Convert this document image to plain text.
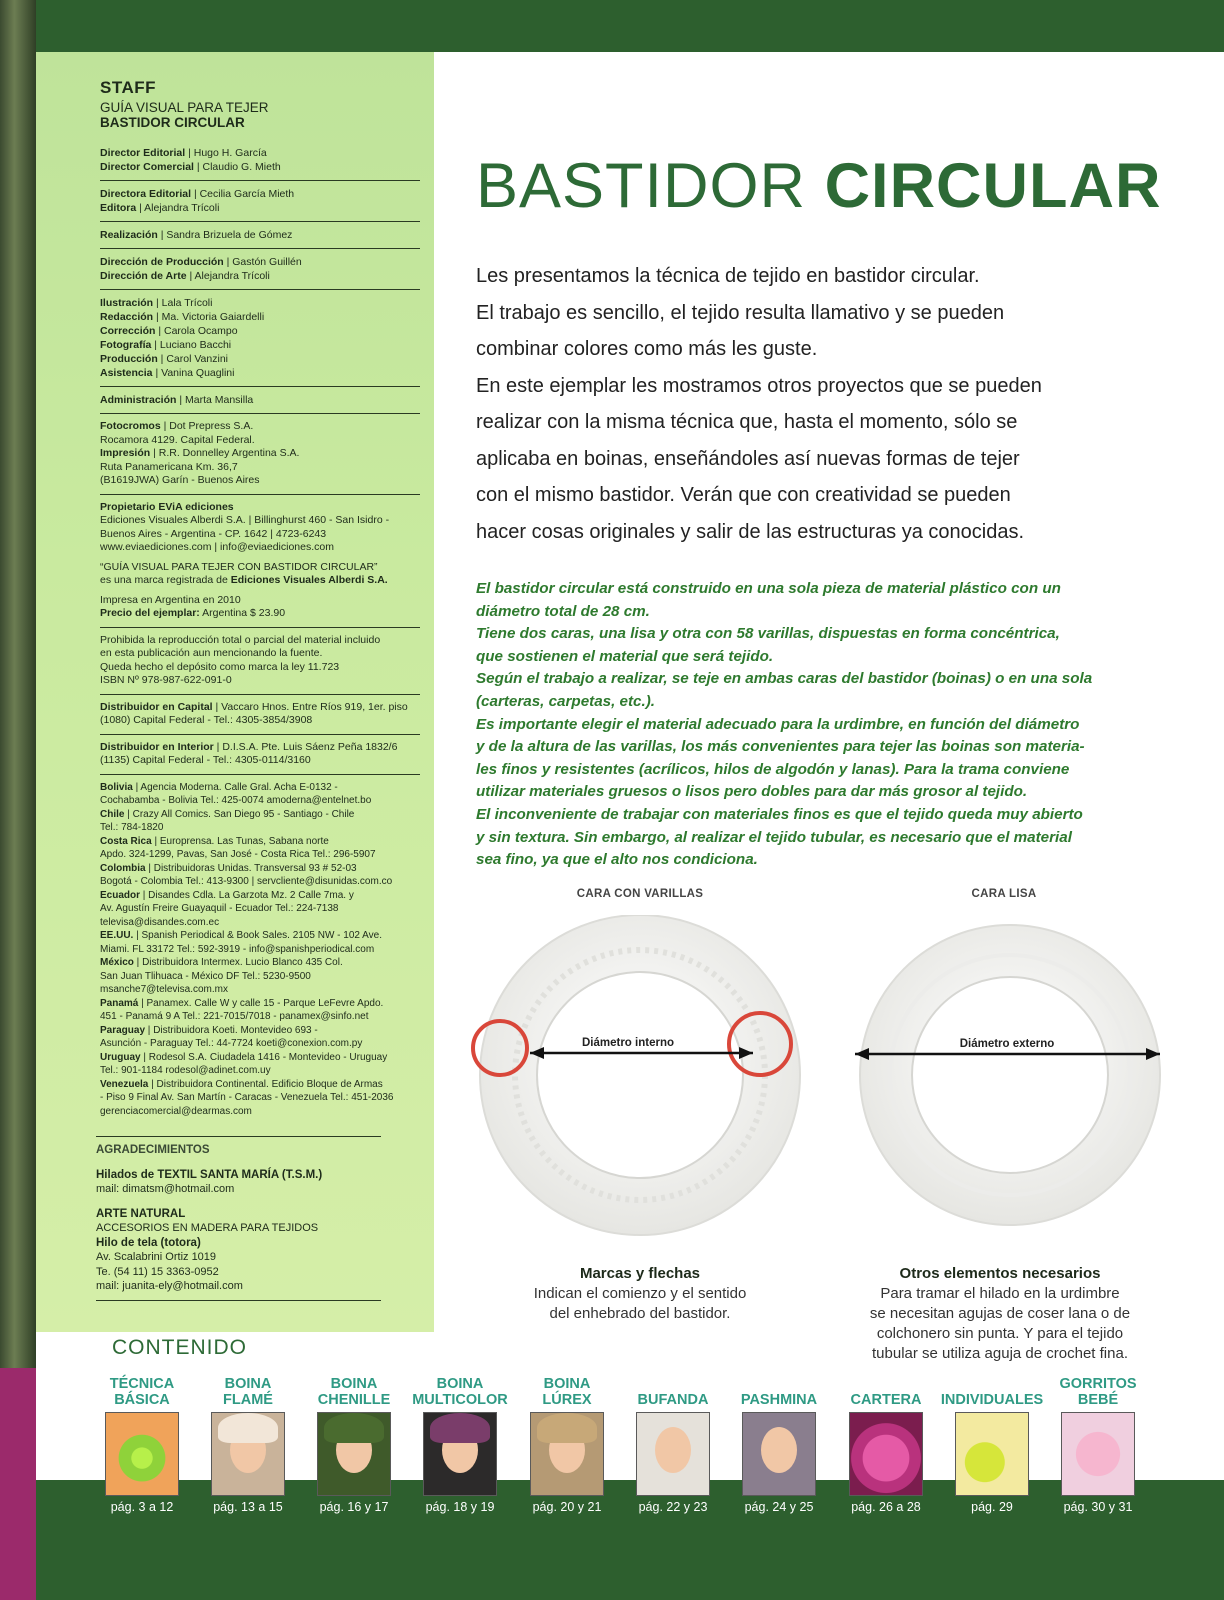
STAFF
GUÍA VISUAL PARA TEJER
BASTIDOR CIRCULAR
Director Editorial | Hugo H. García
Director Comercial | Claudio G. Mieth
Directora Editorial | Cecilia García Mieth
Editora | Alejandra Trícoli
Realización | Sandra Brizuela de Gómez
Dirección de Producción | Gastón Guillén
Dirección de Arte | Alejandra Trícoli
Ilustración | Lala Trícoli
Redacción | Ma. Victoria Gaiardelli
Corrección | Carola Ocampo
Fotografía | Luciano Bacchi
Producción | Carol Vanzini
Asistencia | Vanina Quaglini
Administración | Marta Mansilla
Fotocromos | Dot Prepress S.A.
Rocamora 4129. Capital Federal.
Impresión | R.R. Donnelley Argentina S.A.
Ruta Panamericana Km. 36,7
(B1619JWA) Garín - Buenos Aires
Propietario EViA ediciones
Ediciones Visuales Alberdi S.A. | Billinghurst 460 - San Isidro -
Buenos Aires - Argentina - CP. 1642 | 4723-6243
www.eviaediciones.com | info@eviaediciones.com
“GUÍA VISUAL PARA TEJER CON BASTIDOR CIRCULAR”
es una marca registrada de Ediciones Visuales Alberdi S.A.
Impresa en Argentina en 2010
Precio del ejemplar: Argentina $ 23.90
Prohibida la reproducción total o parcial del material incluido
en esta publicación aun mencionando la fuente.
Queda hecho el depósito como marca la ley 11.723
ISBN Nº 978-987-622-091-0
Distribuidor en Capital | Vaccaro Hnos. Entre Ríos 919, 1er. piso
(1080) Capital Federal - Tel.: 4305-3854/3908
Distribuidor en Interior | D.I.S.A. Pte. Luis Sáenz Peña 1832/6
(1135) Capital Federal - Tel.: 4305-0114/3160
Bolivia | Agencia Moderna. Calle Gral. Acha E-0132 -
Cochabamba - Bolivia Tel.: 425-0074 amoderna@entelnet.bo
Chile | Crazy All Comics. San Diego 95 - Santiago - Chile
Tel.: 784-1820
Costa Rica | Europrensa. Las Tunas, Sabana norte
Apdo. 324-1299, Pavas, San José - Costa Rica Tel.: 296-5907
Colombia | Distribuidoras Unidas. Transversal 93 # 52-03
Bogotá - Colombia Tel.: 413-9300 | servcliente@disunidas.com.co
Ecuador | Disandes Cdla. La Garzota Mz. 2 Calle 7ma. y
Av. Agustín Freire Guayaquil - Ecuador Tel.: 224-7138
televisa@disandes.com.ec
EE.UU. | Spanish Periodical & Book Sales. 2105 NW - 102 Ave.
Miami. FL 33172 Tel.: 592-3919 - info@spanishperiodical.com
México | Distribuidora Intermex. Lucio Blanco 435 Col.
San Juan Tlihuaca - México DF Tel.: 5230-9500
msanche7@televisa.com.mx
Panamá | Panamex. Calle W y calle 15 - Parque LeFevre Apdo.
451 - Panamá 9 A Tel.: 221-7015/7018 - panamex@sinfo.net
Paraguay | Distribuidora Koeti. Montevideo 693 -
Asunción - Paraguay Tel.: 44-7724 koeti@conexion.com.py
Uruguay | Rodesol S.A. Ciudadela 1416 - Montevideo - Uruguay
Tel.: 901-1184 rodesol@adinet.com.uy
Venezuela | Distribuidora Continental. Edificio Bloque de Armas
- Piso 9 Final Av. San Martín - Caracas - Venezuela Tel.: 451-2036
gerenciacomercial@dearmas.com
AGRADECIMIENTOS
Hilados de TEXTIL SANTA MARÍA (T.S.M.)
mail: dimatsm@hotmail.com
ARTE NATURAL
ACCESORIOS EN MADERA PARA TEJIDOS
Hilo de tela (totora)
Av. Scalabrini Ortiz 1019
Te. (54 11) 15 3363-0952
mail: juanita-ely@hotmail.com
BASTIDOR CIRCULAR

Les presentamos la técnica de tejido en bastidor circular.

El trabajo es sencillo, el tejido resulta llamativo y se pueden

combinar colores como más les guste.

En este ejemplar les mostramos otros proyectos que se pueden

realizar con la misma técnica que, hasta el momento, sólo se

aplicaba en boinas, enseñándoles así nuevas formas de tejer

con el mismo bastidor. Verán que con creatividad se pueden

hacer cosas originales y salir de las estructuras ya conocidas.

El bastidor circular está construido en una sola pieza de material plástico con un

diámetro total de 28 cm.

Tiene dos caras, una lisa y otra con 58 varillas, dispuestas en forma concéntrica,

que sostienen el material que será tejido.

Según el trabajo a realizar, se teje en ambas caras del bastidor (boinas) o en una sola

(carteras, carpetas, etc.).

Es importante elegir el material adecuado para la urdimbre, en función del diámetro

y de la altura de las varillas, los más convenientes para tejer las boinas son materia-

les finos y resistentes (acrílicos, hilos de algodón y lanas). Para la trama conviene

utilizar materiales gruesos o lisos pero dobles para dar más grosor al tejido.

El inconveniente de trabajar con materiales finos es que el tejido queda muy abierto

y sin textura. Sin embargo, al realizar el tejido tubular, es necesario que el material

sea fino, ya que el alto nos condiciona.

CARA CON VARILLAS	CARA LISA
Diámetro interno	Diámetro externo
Marcas y flechas
Indican el comienzo y el sentido
del enhebrado del bastidor.
Otros elementos necesarios
Para tramar el hilado en la urdimbre
se necesitan agujas de coser lana o de
colchonero sin punta. Y para el tejido
tubular se utiliza aguja de crochet fina.
CONTENIDO
TÉCNICA
BÁSICA
pág. 3 a 12
BOINA
FLAMÉ
pág. 13 a 15
BOINA
CHENILLE
pág. 16 y 17
BOINA
MULTICOLOR
pág. 18 y 19
BOINA
LÚREX
pág. 20 y 21
BUFANDA
pág. 22 y 23
PASHMINA
pág. 24 y 25
CARTERA
pág. 26 a 28
INDIVIDUALES
pág. 29
GORRITOS
BEBÉ
pág. 30 y 31
